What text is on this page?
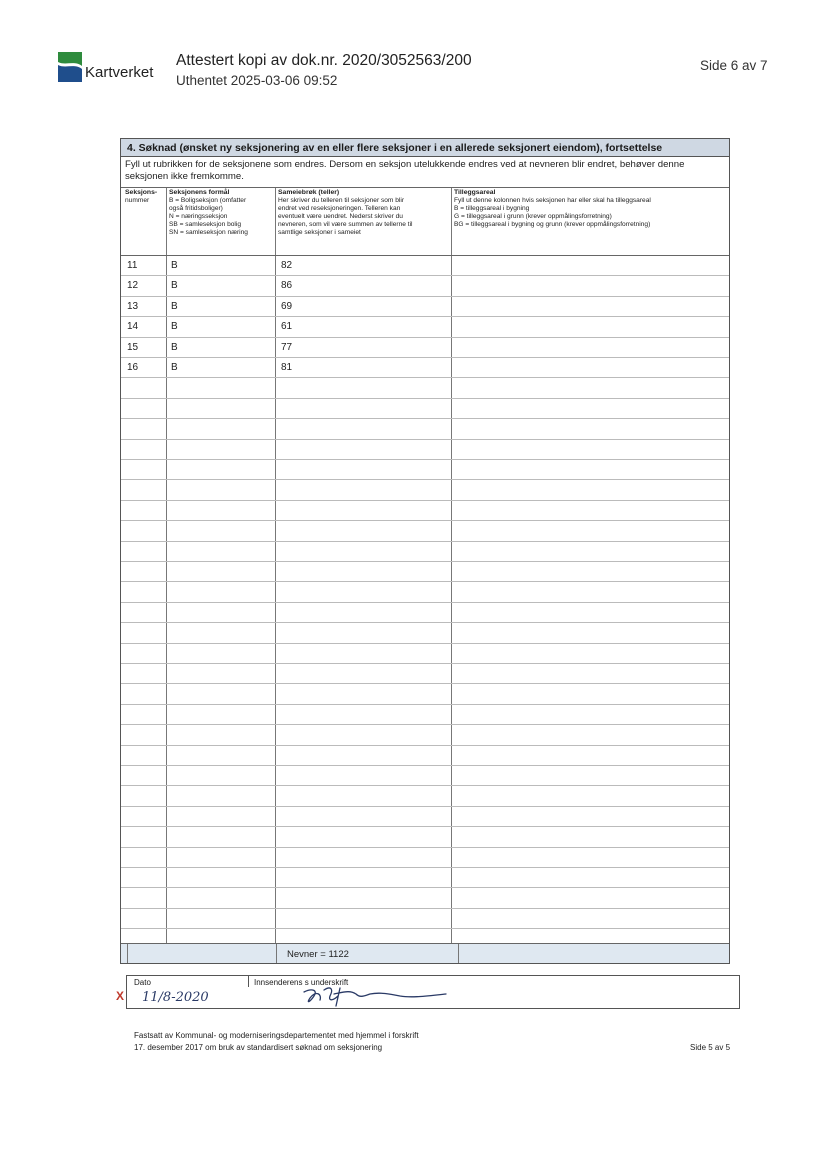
Kartverket
Attestert kopi av dok.nr. 2020/3052563/200
Uthentet 2025-03-06 09:52
Side 6 av 7
4. Søknad (ønsket ny seksjonering av en eller flere seksjoner i en allerede seksjonert eiendom), fortsettelse
Fyll ut rubrikken for de seksjonene som endres. Dersom en seksjon utelukkende endres ved at nevneren blir endret, behøver denne seksjonen ikke fremkomme.
Seksjons-
nummer
Seksjonens formål
B = Boligseksjon (omfatter
også fritidsboliger)
N = næringsseksjon
SB = samleseksjon bolig
SN = samleseksjon næring
Sameiebrøk (teller)
Her skriver du telleren til seksjoner som blir
endret ved reseksjoneringen. Telleren kan
eventuelt være uendret. Nederst skriver du
nevneren, som vil være summen av tellerne til
samtlige seksjoner i sameiet
Tilleggsareal
Fyll ut denne kolonnen hvis seksjonen har eller skal ha tilleggsareal
B = tilleggsareal i bygning
G = tilleggsareal i grunn (krever oppmålingsforretning)
BG = tilleggsareal i bygning og grunn (krever oppmålingsforretning)
11	B	82
12	B	86
13	B	69
14	B	61
15	B	77
16	B	81
Nevner = 1122
Dato	Innsenderens s underskrift
X 11/8-2020
Fastsatt av Kommunal- og moderniseringsdepartementet med hjemmel i forskrift
17. desember 2017 om bruk av standardisert søknad om seksjonering	Side 5 av 5
